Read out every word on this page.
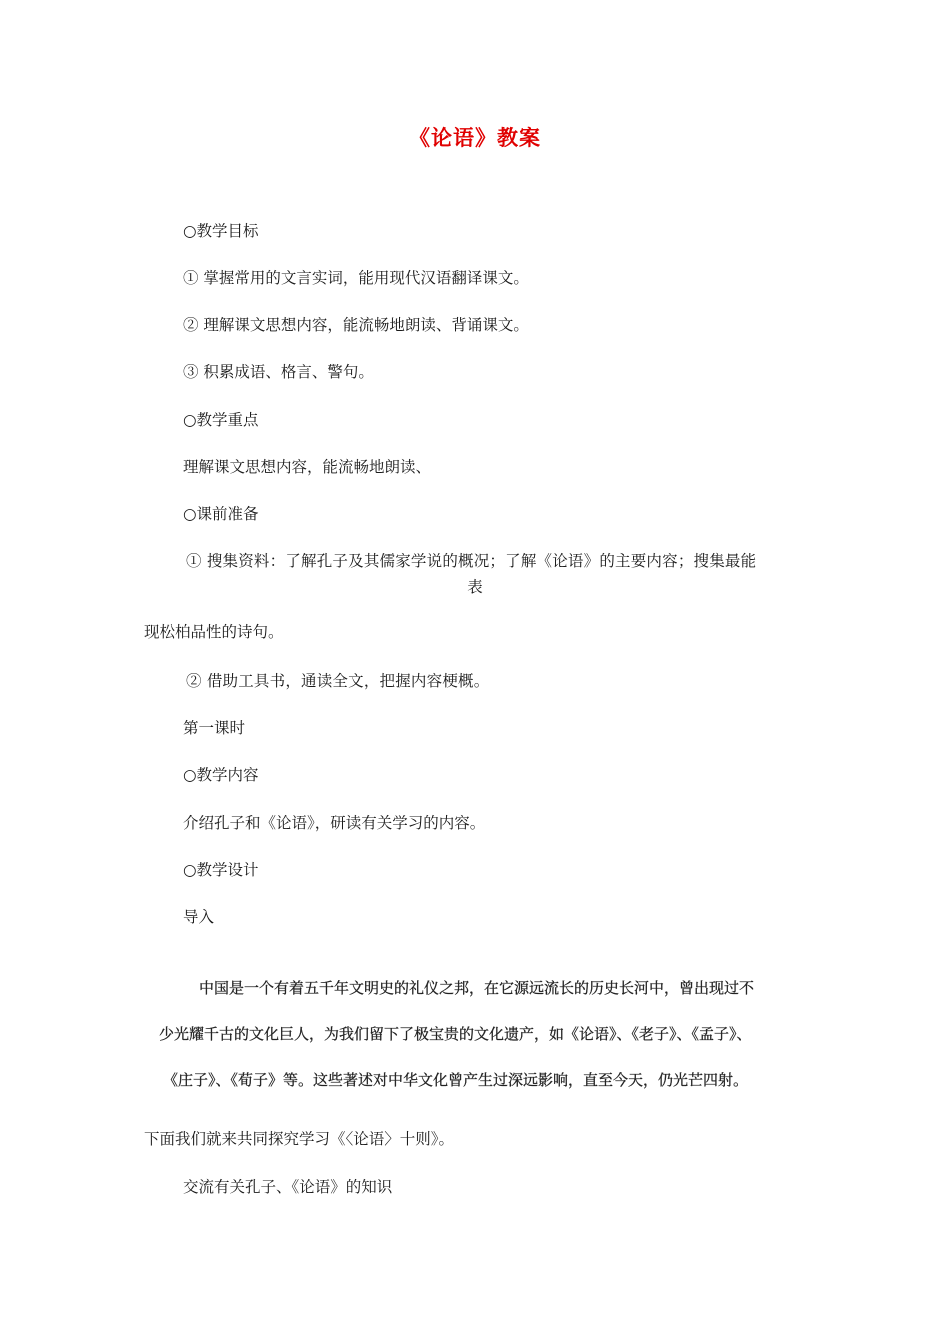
《论语》教案
○教学目标
① 掌握常用的文言实词，能用现代汉语翻译课文。
② 理解课文思想内容，能流畅地朗读、背诵课文。
③ 积累成语、格言、警句。
○教学重点
理解课文思想内容，能流畅地朗读、
○课前准备
① 搜集资料：了解孔子及其儒家学说的概况；了解《论语》的主要内容；搜集最能
表
现松柏品性的诗句。
② 借助工具书，通读全文，把握内容梗概。
第一课时
○教学内容
介绍孔子和《论语》，研读有关学习的内容。
○教学设计
导入
中国是一个有着五千年文明史的礼仪之邦，在它源远流长的历史长河中，曾出现过不
少光耀千古的文化巨人，为我们留下了极宝贵的文化遗产，如《论语》、《老子》、《孟子》、
《庄子》、《荀子》等。这些著述对中华文化曾产生过深远影响，直至今天，仍光芒四射。
下面我们就来共同探究学习《〈论语〉十则》。
交流有关孔子、《论语》的知识
